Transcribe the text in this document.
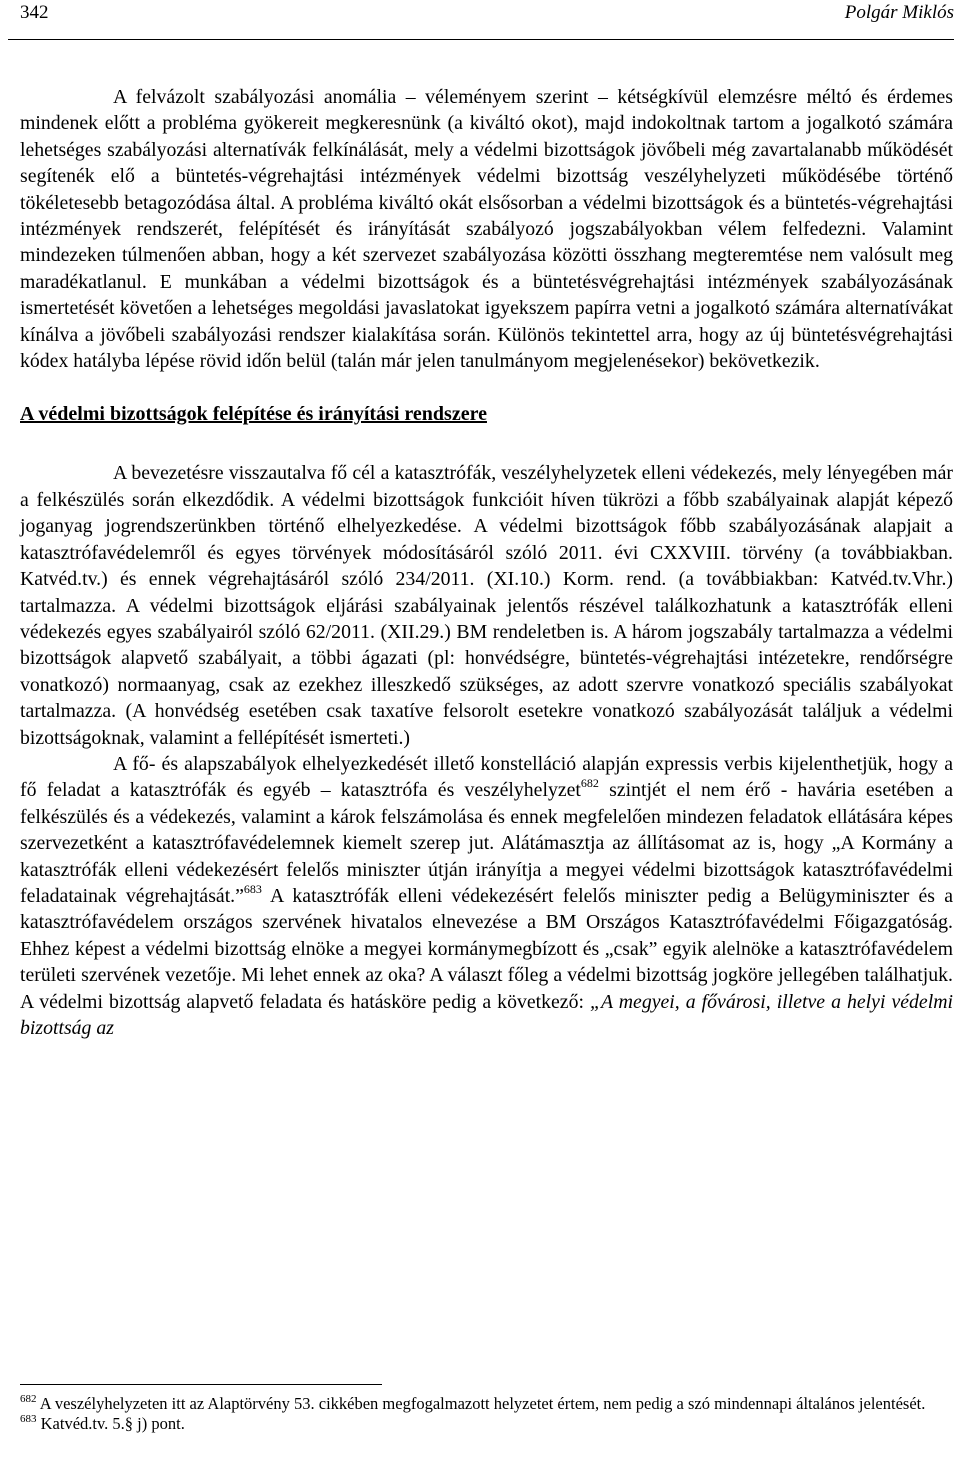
342	Polgár Miklós

A felvázolt szabályozási anomália – véleményem szerint – kétségkívül elemzésre méltó és érdemes mindenek előtt a probléma gyökereit megkeresnünk (a kiváltó okot), majd indokoltnak tartom a jogalkotó számára lehetséges szabályozási alternatívák felkínálását, mely a védelmi bizottságok jövőbeli még zavartalanabb működését segítenék elő a büntetés-végrehajtási intézmények védelmi bizottság veszélyhelyzeti működésébe történő tökéletesebb betagozódása által. A probléma kiváltó okát elsősorban a védelmi bizottságok és a büntetés-végrehajtási intézmények rendszerét, felépítését és irányítását szabályozó jogszabályokban vélem felfedezni. Valamint mindezeken túlmenően abban, hogy a két szervezet szabályozása közötti összhang megteremtése nem valósult meg maradékatlanul. E munkában a védelmi bizottságok és a büntetésvégrehajtási intézmények szabályozásának ismertetését követően a lehetséges megoldási javaslatokat igyekszem papírra vetni a jogalkotó számára alternatívákat kínálva a jövőbeli szabályozási rendszer kialakítása során. Különös tekintettel arra, hogy az új büntetésvégrehajtási kódex hatályba lépése rövid időn belül (talán már jelen tanulmányom megjelenésekor) bekövetkezik.

A védelmi bizottságok felépítése és irányítási rendszere

A bevezetésre visszautalva fő cél a katasztrófák, veszélyhelyzetek elleni védekezés, mely lényegében már a felkészülés során elkezdődik. A védelmi bizottságok funkcióit híven tükrözi a főbb szabályainak alapját képező joganyag jogrendszerünkben történő elhelyezkedése. A védelmi bizottságok főbb szabályozásának alapjait a katasztrófavédelemről és egyes törvények módosításáról szóló 2011. évi CXXVIII. törvény (a továbbiakban. Katvéd.tv.) és ennek végrehajtásáról szóló 234/2011. (XI.10.) Korm. rend. (a továbbiakban: Katvéd.tv.Vhr.) tartalmazza. A védelmi bizottságok eljárási szabályainak jelentős részével találkozhatunk a katasztrófák elleni védekezés egyes szabályairól szóló 62/2011. (XII.29.) BM rendeletben is. A három jogszabály tartalmazza a védelmi bizottságok alapvető szabályait, a többi ágazati (pl: honvédségre, büntetés-végrehajtási intézetekre, rendőrségre vonatkozó) normaanyag, csak az ezekhez illeszkedő szükséges, az adott szervre vonatkozó speciális szabályokat tartalmazza. (A honvédség esetében csak taxatíve felsorolt esetekre vonatkozó szabályozását találjuk a védelmi bizottságoknak, valamint a fellépítését ismerteti.)

A fő- és alapszabályok elhelyezkedését illető konstelláció alapján expressis verbis kijelenthetjük, hogy a fő feladat a katasztrófák és egyéb – katasztrófa és veszélyhelyzet$^{682}$ szintjét el nem érő - havária esetében a felkészülés és a védekezés, valamint a károk felszámolása és ennek megfelelően mindezen feladatok ellátására képes szervezetként a katasztrófavédelemnek kiemelt szerep jut. Alátámasztja az állításomat az is, hogy „A Kormány a katasztrófák elleni védekezésért felelős miniszter útján irányítja a megyei védelmi bizottságok katasztrófavédelmi feladatainak végrehajtását.”$^{683}$ A katasztrófák elleni védekezésért felelős miniszter pedig a Belügyminiszter és a katasztrófavédelem országos szervének hivatalos elnevezése a BM Országos Katasztrófavédelmi Főigazgatóság. Ehhez képest a védelmi bizottság elnöke a megyei kormánymegbízott és „csak” egyik alelnöke a katasztrófavédelem területi szervének vezetője. Mi lehet ennek az oka? A választ főleg a védelmi bizottság jogköre jellegében találhatjuk. A védelmi bizottság alapvető feladata és hatásköre pedig a következő: „A megyei, a fővárosi, illetve a helyi védelmi bizottság az

$^{682}$ A veszélyhelyzeten itt az Alaptörvény 53. cikkében megfogalmazott helyzetet értem, nem pedig a szó mindennapi általános jelentését.

$^{683}$ Katvéd.tv. 5.§ j) pont.
